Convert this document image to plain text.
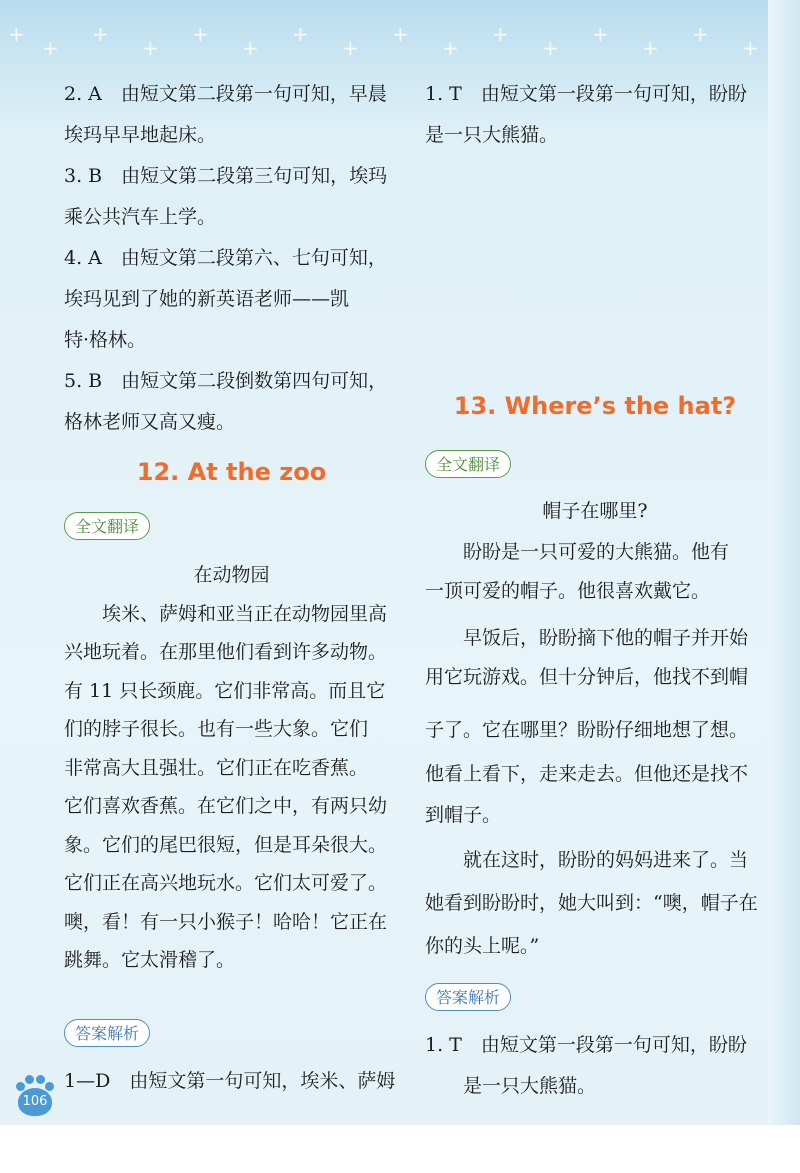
+
+
+
+
+
+
+
+
+
+
+
+
+
+
+
+
2. A　由短文第二段第一句可知，早晨
埃玛早早地起床。
3. B　由短文第二段第三句可知，埃玛
乘公共汽车上学。
4. A　由短文第二段第六、七句可知，
埃玛见到了她的新英语老师——凯
特·格林。
5. B　由短文第二段倒数第四句可知，
格林老师又高又瘦。
12. At the zoo
全文翻译
在动物园
埃米、萨姆和亚当正在动物园里高
兴地玩着。在那里他们看到许多动物。
有 11 只长颈鹿。它们非常高。而且它
们的脖子很长。也有一些大象。它们
非常高大且强壮。它们正在吃香蕉。
它们喜欢香蕉。在它们之中，有两只幼
象。它们的尾巴很短，但是耳朵很大。
它们正在高兴地玩水。它们太可爱了。
噢，看！有一只小猴子！哈哈！它正在
跳舞。它太滑稽了。
答案解析
1—D　由短文第一句可知，埃米、萨姆
1. T　由短文第一段第一句可知，盼盼
是一只大熊猫。
13. Where’s the hat?
全文翻译
帽子在哪里?
盼盼是一只可爱的大熊猫。他有
一顶可爱的帽子。他很喜欢戴它。
早饭后，盼盼摘下他的帽子并开始
用它玩游戏。但十分钟后，他找不到帽
子了。它在哪里？盼盼仔细地想了想。
他看上看下，走来走去。但他还是找不
到帽子。
就在这时，盼盼的妈妈进来了。当
她看到盼盼时，她大叫到：“噢，帽子在
你的头上呢。”
答案解析
1. T　由短文第一段第一句可知，盼盼
是一只大熊猫。
106
